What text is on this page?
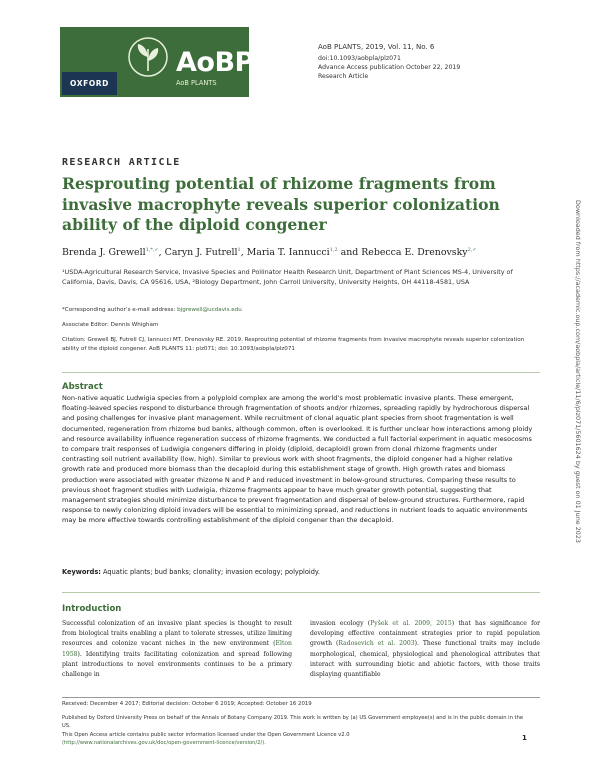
OXFORD
AoBP
AoB PLANTS
AoB PLANTS, 2019, Vol. 11, No. 6
doi:10.1093/aobpla/plz071
Advance Access publication October 22, 2019
Research Article
RESEARCH ARTICLE
Resprouting potential of rhizome fragments from invasive macrophyte reveals superior colonization ability of the diploid congener
Brenda J. Grewell$^{1,*,✓}$, Caryn J. Futrell$^1$, Maria T. Iannucci$^{1,2}$ and Rebecca E. Drenovsky$^{2,✓}$
¹USDA-Agricultural Research Service, Invasive Species and Pollinator Health Research Unit, Department of Plant Sciences MS-4, University of California, Davis, Davis, CA 95616, USA, ²Biology Department, John Carroll University, University Heights, OH 44118-4581, USA
*Corresponding author’s e-mail address: bjgrewell@ucdavis.edu
Associate Editor: Dennis Whigham
Citation: Grewell BJ, Futrell CJ, Iannucci MT, Drenovsky RE. 2019. Resprouting potential of rhizome fragments from invasive macrophyte reveals superior colonization ability of the diploid congener. AoB PLANTS 11: plz071; doi: 10.1093/aobpla/plz071
Abstract
Non-native aquatic Ludwigia species from a polyploid complex are among the world’s most problematic invasive plants. These emergent, floating-leaved species respond to disturbance through fragmentation of shoots and/or rhizomes, spreading rapidly by hydrochorous dispersal and posing challenges for invasive plant management. While recruitment of clonal aquatic plant species from shoot fragmentation is well documented, regeneration from rhizome bud banks, although common, often is overlooked. It is further unclear how interactions among ploidy and resource availability influence regeneration success of rhizome fragments. We conducted a full factorial experiment in aquatic mesocosms to compare trait responses of Ludwigia congeners differing in ploidy (diploid, decaploid) grown from clonal rhizome fragments under contrasting soil nutrient availability (low, high). Similar to previous work with shoot fragments, the diploid congener had a higher relative growth rate and produced more biomass than the decaploid during this establishment stage of growth. High growth rates and biomass production were associated with greater rhizome N and P and reduced investment in below-ground structures. Comparing these results to previous shoot fragment studies with Ludwigia, rhizome fragments appear to have much greater growth potential, suggesting that management strategies should minimize disturbance to prevent fragmentation and dispersal of below-ground structures. Furthermore, rapid response to newly colonizing diploid invaders will be essential to minimizing spread, and reductions in nutrient loads to aquatic environments may be more effective towards controlling establishment of the diploid congener than the decaploid.
Keywords: Aquatic plants; bud banks; clonality; invasion ecology; polyploidy.
Introduction
Successful colonization of an invasive plant species is thought to result from biological traits enabling a plant to tolerate stresses, utilize limiting resources and colonize vacant niches in the new environment (Elton 1958). Identifying traits facilitating colonization and spread following plant introductions to novel environments continues to be a primary challenge in
invasion ecology (Pyšek et al. 2009, 2015) that has significance for developing effective containment strategies prior to rapid population growth (Radosevich et al. 2003). These functional traits may include morphological, chemical, physiological and phenological attributes that interact with surrounding biotic and abiotic factors, with those traits displaying quantifiable
Received: December 4 2017; Editorial decision: October 6 2019; Accepted: October 16 2019
Published by Oxford University Press on behalf of the Annals of Botany Company 2019. This work is written by (a) US Government employee(s) and is in the public domain in the US.
This Open Access article contains public sector information licensed under the Open Government Licence v2.0
(http://www.nationalarchives.gov.uk/doc/open-government-licence/version/2/).
1
Downloaded from https://academic.oup.com/aobpla/article/11/6/plz071/5601624 by guest on 01 June 2023
